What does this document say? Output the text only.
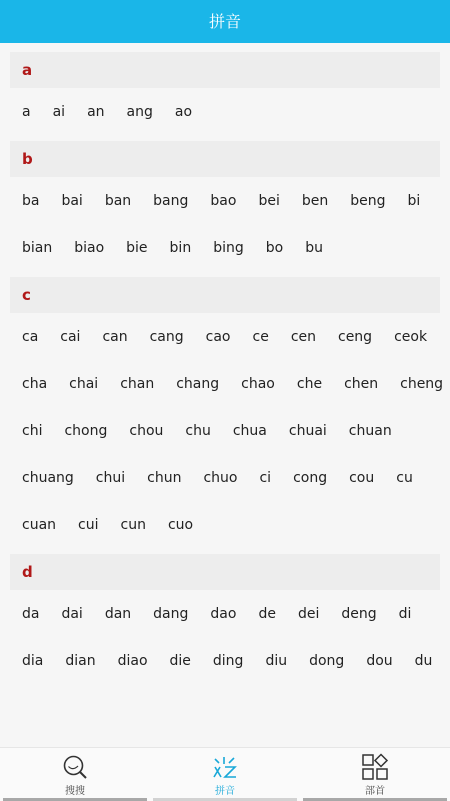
拼音
a
a ai an ang ao
b
ba bai ban bang bao bei ben beng bi
bian biao bie bin bing bo bu
c
ca cai can cang cao ce cen ceng ceok
cha chai chan chang chao che chen cheng
chi chong chou chu chua chuai chuan
chuang chui chun chuo ci cong cou cu
cuan cui cun cuo
d
da dai dan dang dao de dei deng di
dia dian diao die ding diu dong dou du
搜搜	拼音	部首
